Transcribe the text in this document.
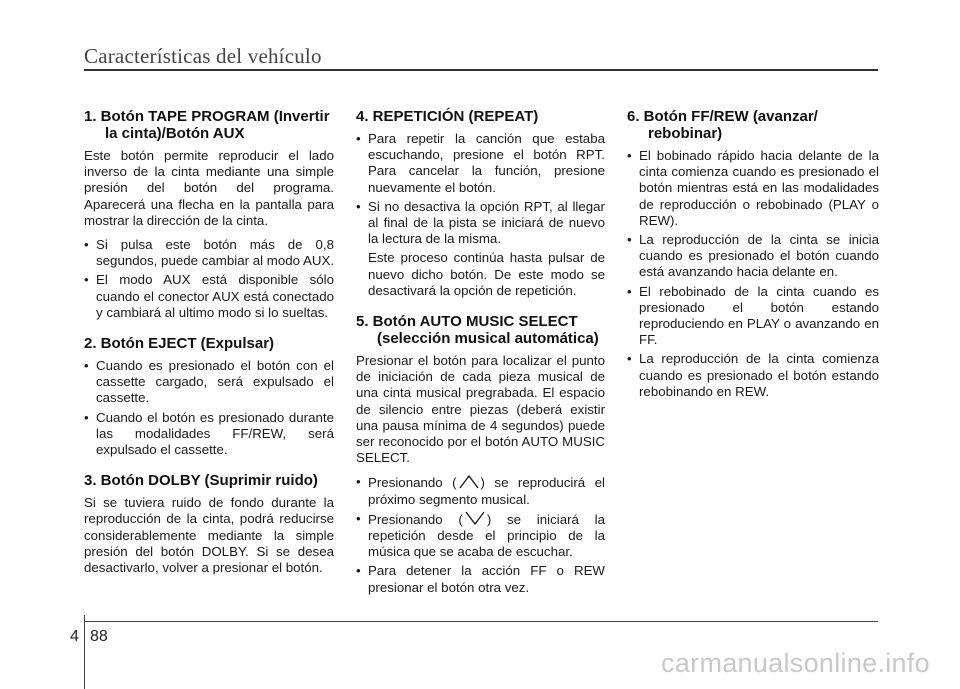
Características del vehículo
1. Botón TAPE PROGRAM (Invertir la cinta)/Botón AUX

Este botón permite reproducir el lado inverso de la cinta mediante una simple presión del botón del programa. Aparecerá una flecha en la pantalla para mostrar la dirección de la cinta.

• Si pulsa este botón más de 0,8 segundos, puede cambiar al modo AUX.
• El modo AUX está disponible sólo cuando el conector AUX está conectado y cambiará al ultimo modo si lo sueltas.
2. Botón EJECT (Expulsar)
• Cuando es presionado el botón con el cassette cargado, será expulsado el cassette.
• Cuando el botón es presionado durante las modalidades FF/REW, será expulsado el cassette.
3. Botón DOLBY (Suprimir ruido)

Si se tuviera ruido de fondo durante la reproducción de la cinta, podrá reducirse considerablemente mediante la simple presión del botón DOLBY. Si se desea desactivarlo, volver a presionar el botón.

4. REPETICIÓN (REPEAT)
• Para repetir la canción que estaba escuchando, presione el botón RPT. Para cancelar la función, presione nuevamente el botón.
• Si no desactiva la opción RPT, al llegar al final de la pista se iniciará de nuevo la lectura de la misma.
Este proceso continúa hasta pulsar de nuevo dicho botón. De este modo se desactivará la opción de repetición.
5. Botón AUTO MUSIC SELECT (selección musical automática)

Presionar el botón para localizar el punto de iniciación de cada pieza musical de una cinta musical pregrabada. El espacio de silencio entre piezas (deberá existir una pausa mínima de 4 segundos) puede ser reconocido por el botón AUTO MUSIC SELECT.

• Presionando ( ) se reproducirá el próximo segmento musical.
• Presionando ( ) se iniciará la repetición desde el principio de la música que se acaba de escuchar.
• Para detener la acción FF o REW presionar el botón otra vez.
6. Botón FF/REW (avanzar/ rebobinar)
• El bobinado rápido hacia delante de la cinta comienza cuando es presionado el botón mientras está en las modalidades de reproducción o rebobinado (PLAY o REW).
• La reproducción de la cinta se inicia cuando es presionado el botón cuando está avanzando hacia delante en.
• El rebobinado de la cinta cuando es presionado el botón estando reproduciendo en PLAY o avanzando en FF.
• La reproducción de la cinta comienza cuando es presionado el botón estando rebobinando en REW.
4 88
carmanualsonline.info
